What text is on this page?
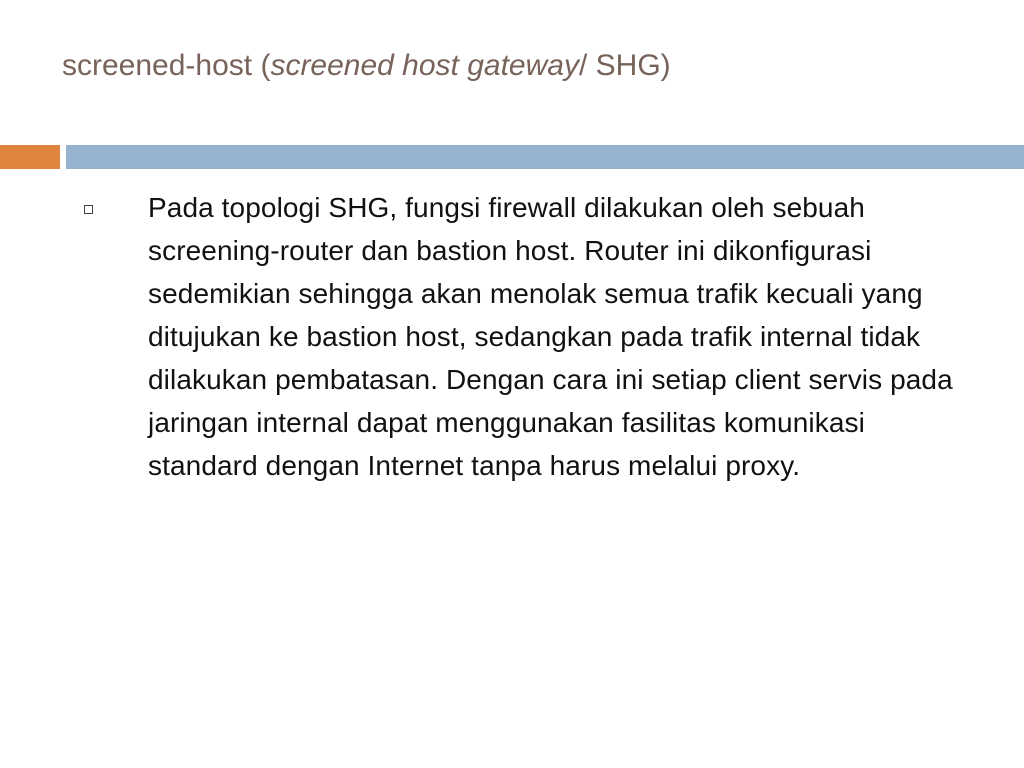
screened-host (screened host gateway/ SHG)
Pada topologi SHG, fungsi firewall dilakukan oleh sebuah screening-router dan bastion host. Router ini dikonfigurasi sedemikian sehingga akan menolak semua trafik kecuali yang ditujukan ke bastion host, sedangkan pada trafik internal tidak dilakukan pembatasan. Dengan cara ini setiap client servis pada jaringan internal dapat menggunakan fasilitas komunikasi standard dengan Internet tanpa harus melalui proxy.
